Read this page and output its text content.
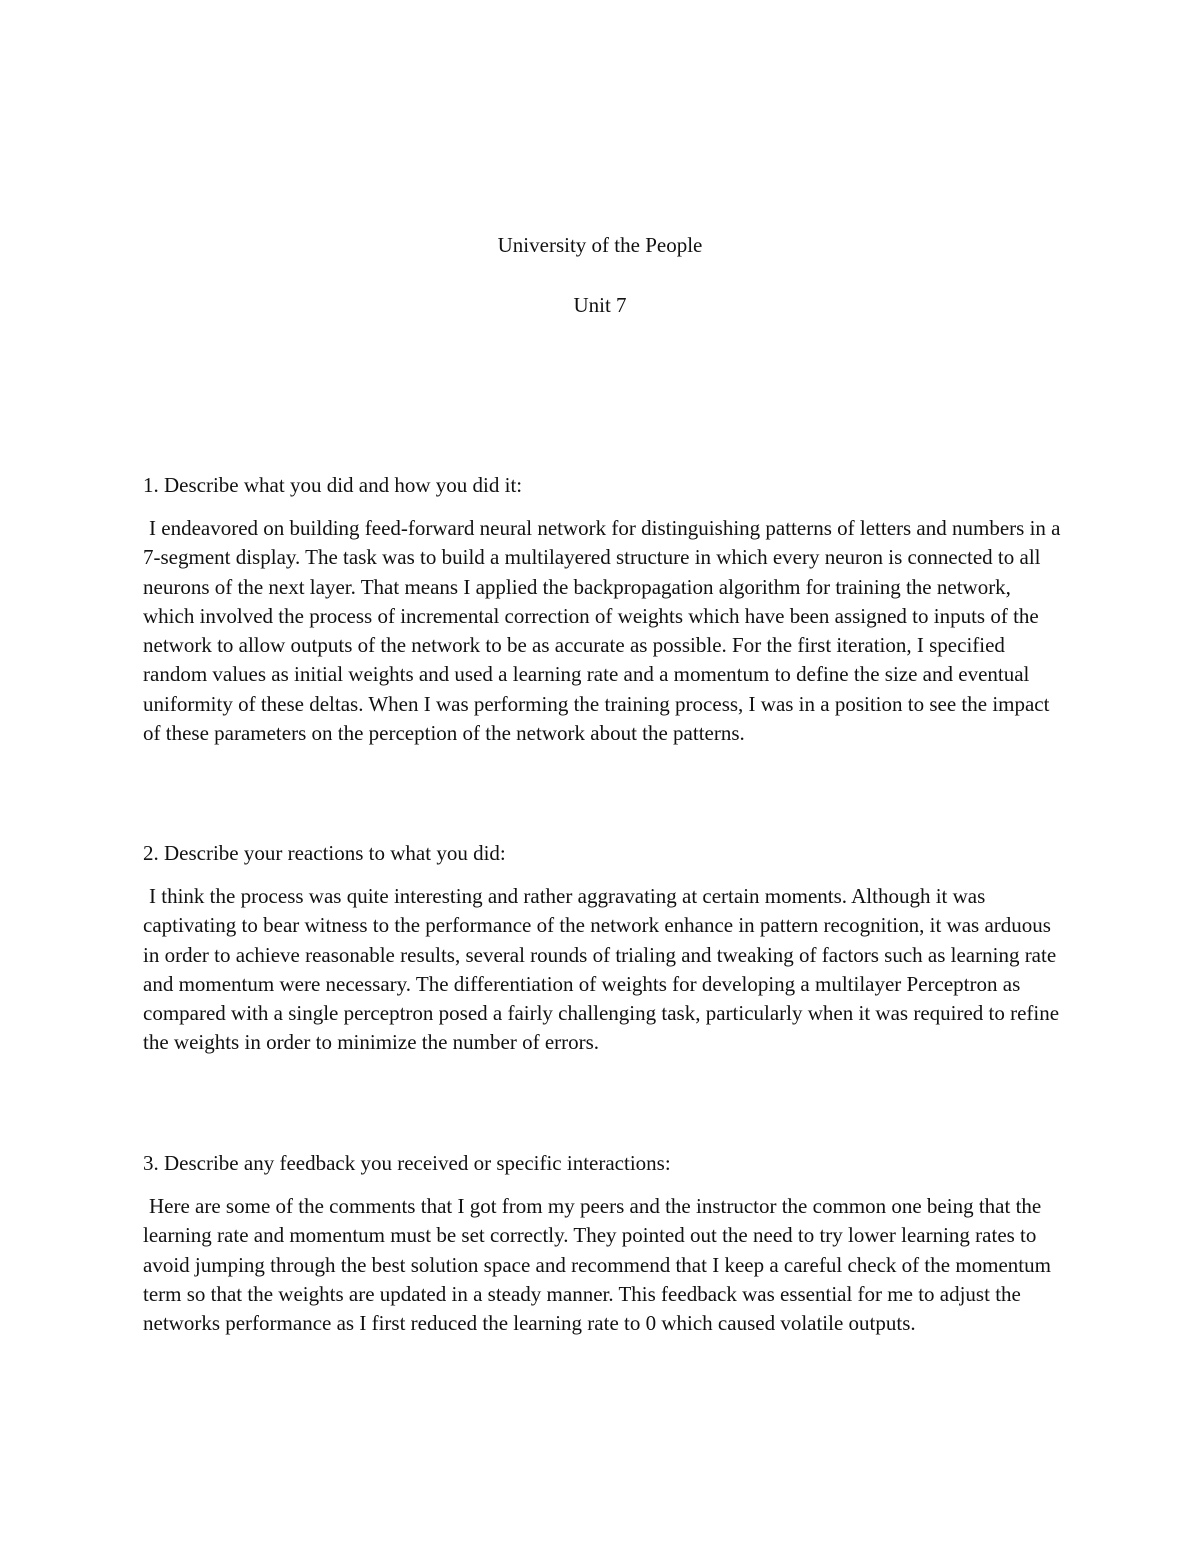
University of the People

Unit 7

1. Describe what you did and how you did it:

I endeavored on building feed-forward neural network for distinguishing patterns of letters and numbers in a 7-segment display. The task was to build a multilayered structure in which every neuron is connected to all neurons of the next layer. That means I applied the backpropagation algorithm for training the network, which involved the process of incremental correction of weights which have been assigned to inputs of the network to allow outputs of the network to be as accurate as possible. For the first iteration, I specified random values as initial weights and used a learning rate and a momentum to define the size and eventual uniformity of these deltas. When I was performing the training process, I was in a position to see the impact of these parameters on the perception of the network about the patterns.

2. Describe your reactions to what you did:

I think the process was quite interesting and rather aggravating at certain moments. Although it was captivating to bear witness to the performance of the network enhance in pattern recognition, it was arduous in order to achieve reasonable results, several rounds of trialing and tweaking of factors such as learning rate and momentum were necessary. The differentiation of weights for developing a multilayer Perceptron as compared with a single perceptron posed a fairly challenging task, particularly when it was required to refine the weights in order to minimize the number of errors.

3. Describe any feedback you received or specific interactions:

Here are some of the comments that I got from my peers and the instructor the common one being that the learning rate and momentum must be set correctly. They pointed out the need to try lower learning rates to avoid jumping through the best solution space and recommend that I keep a careful check of the momentum term so that the weights are updated in a steady manner. This feedback was essential for me to adjust the networks performance as I first reduced the learning rate to 0 which caused volatile outputs.
